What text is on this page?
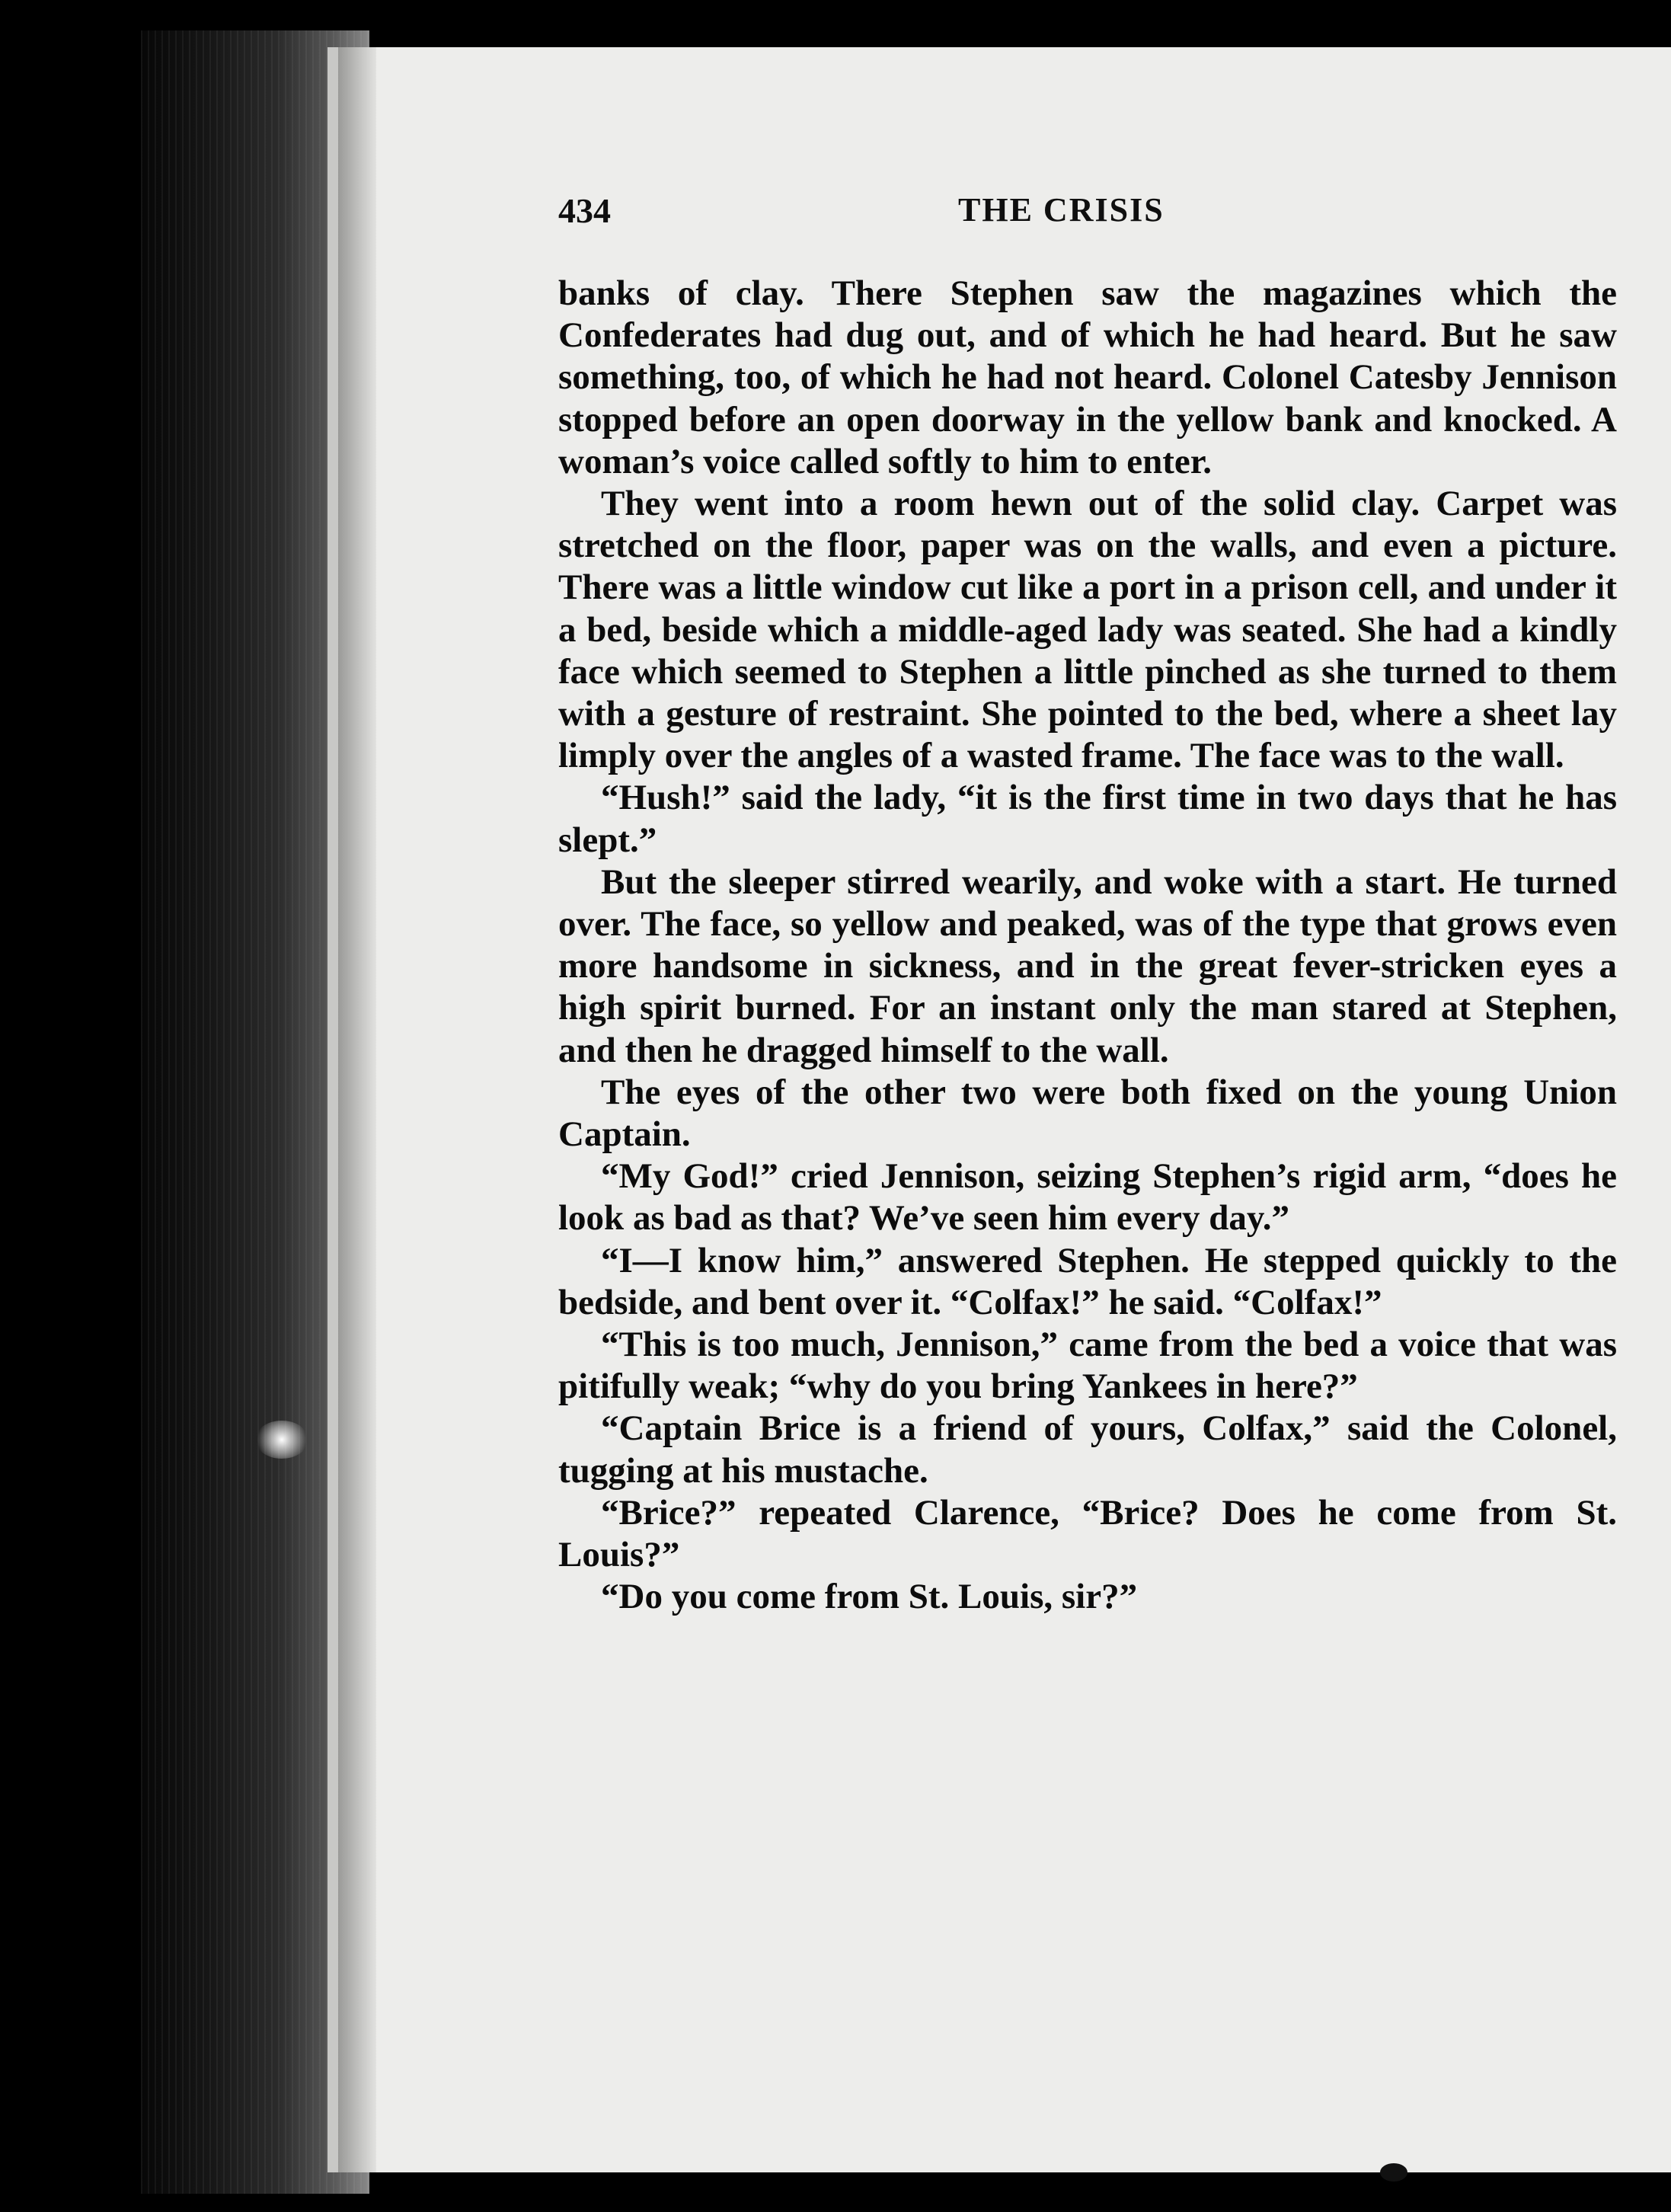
434	THE CRISIS

banks of clay. There Stephen saw the magazines which the Confederates had dug out, and of which he had heard. But he saw something, too, of which he had not heard. Colonel Catesby Jennison stopped before an open doorway in the yellow bank and knocked. A woman’s voice called softly to him to enter.

They went into a room hewn out of the solid clay. Carpet was stretched on the floor, paper was on the walls, and even a picture. There was a little window cut like a port in a prison cell, and under it a bed, beside which a middle-aged lady was seated. She had a kindly face which seemed to Stephen a little pinched as she turned to them with a gesture of restraint. She pointed to the bed, where a sheet lay limply over the angles of a wasted frame. The face was to the wall.

“Hush!” said the lady, “it is the first time in two days that he has slept.”

But the sleeper stirred wearily, and woke with a start. He turned over. The face, so yellow and peaked, was of the type that grows even more handsome in sickness, and in the great fever-stricken eyes a high spirit burned. For an instant only the man stared at Stephen, and then he dragged himself to the wall.

The eyes of the other two were both fixed on the young Union Captain.

“My God!” cried Jennison, seizing Stephen’s rigid arm, “does he look as bad as that? We’ve seen him every day.”

“I—I know him,” answered Stephen. He stepped quickly to the bedside, and bent over it. “Colfax!” he said. “Colfax!”

“This is too much, Jennison,” came from the bed a voice that was pitifully weak; “why do you bring Yankees in here?”

“Captain Brice is a friend of yours, Colfax,” said the Colonel, tugging at his mustache.

“Brice?” repeated Clarence, “Brice? Does he come from St. Louis?”

“Do you come from St. Louis, sir?”
